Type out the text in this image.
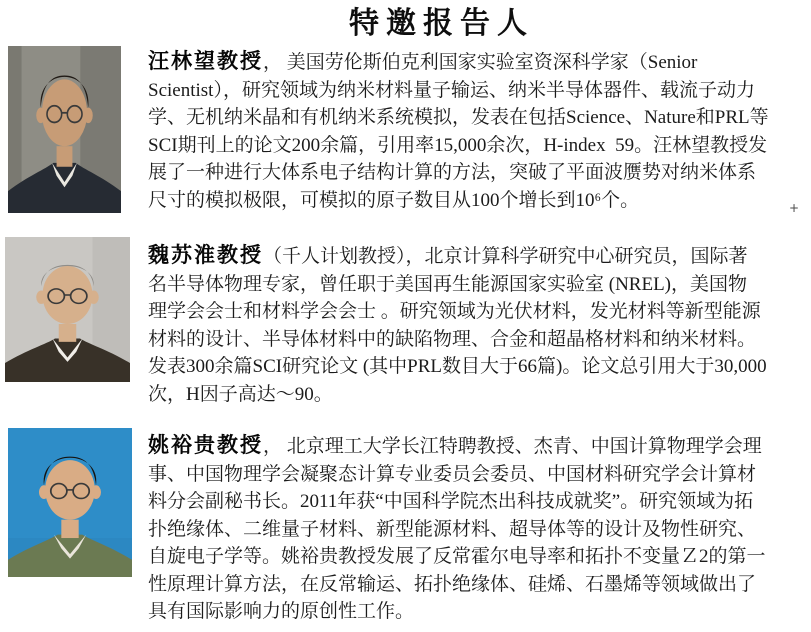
特邀报告人
汪林望教授， 美国劳伦斯伯克利国家实验室资深科学家（Senior
Scientist），研究领域为纳米材料量子输运、纳米半导体器件、载流子动力
学、无机纳米晶和有机纳米系统模拟，发表在包括Science、Nature和PRL等
SCI期刊上的论文200余篇，引用率15,000余次，H-index  59。汪林望教授发
展了一种进行大体系电子结构计算的方法，突破了平面波赝势对纳米体系
尺寸的模拟极限，可模拟的原子数目从100个增长到10⁶个。	+
魏苏淮教授（千人计划教授），北京计算科学研究中心研究员，国际著
名半导体物理专家，曾任职于美国再生能源国家实验室 (NREL)，美国物
理学会会士和材料学会会士 。研究领域为光伏材料，发光材料等新型能源
材料的设计、半导体材料中的缺陷物理、合金和超晶格材料和纳米材料。
发表300余篇SCI研究论文 (其中PRL数目大于66篇)。论文总引用大于30,000
次，H因子高达～90。
姚裕贵教授， 北京理工大学长江特聘教授、杰青、中国计算物理学会理
事、中国物理学会凝聚态计算专业委员会委员、中国材料研究学会计算材
料分会副秘书长。2011年获“中国科学院杰出科技成就奖”。研究领域为拓
扑绝缘体、二维量子材料、新型能源材料、超导体等的设计及物性研究、
自旋电子学等。姚裕贵教授发展了反常霍尔电导率和拓扑不变量Ｚ2的第一
性原理计算方法，在反常输运、拓扑绝缘体、硅烯、石墨烯等领域做出了
具有国际影响力的原创性工作。
